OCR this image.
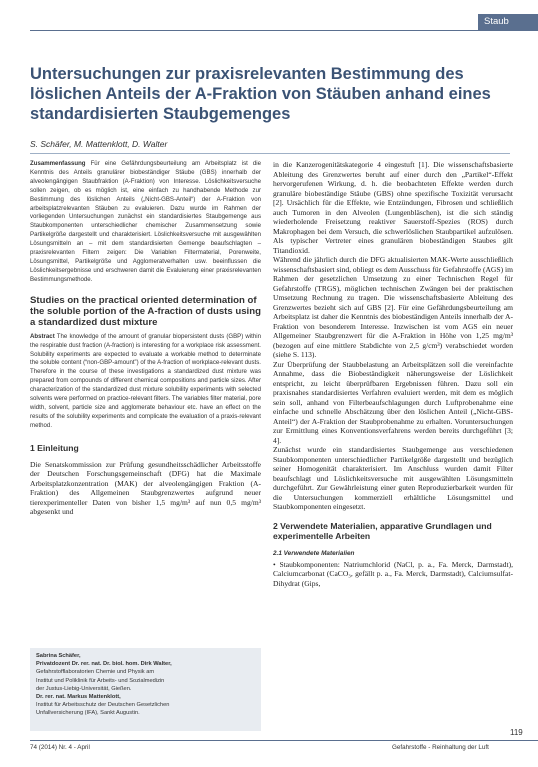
Staub
Untersuchungen zur praxisrelevanten Bestimmung des löslichen Anteils der A-Fraktion von Stäuben anhand eines standardisierten Staubgemenges
S. Schäfer, M. Mattenklott, D. Walter

Zusammenfassung Für eine Gefährdungsbeurteilung am Arbeitsplatz ist die Kenntnis des Anteils granulärer biobeständiger Stäube (GBS) innerhalb der alveolengängigen Staubfraktion (A-Fraktion) von Interesse. Löslichkeitsversuche sollen zeigen, ob es möglich ist, eine einfach zu handhabende Methode zur Bestimmung des löslichen Anteils („Nicht-GBS-Anteil“) der A-Fraktion von arbeitsplatzrelevanten Stäuben zu evaluieren. Dazu wurde im Rahmen der vorliegenden Untersuchungen zunächst ein standardisiertes Staubgemenge aus Staubkomponenten unterschiedlicher chemischer Zusammensetzung sowie Partikelgröße dargestellt und charakterisiert. Löslichkeitsversuche mit ausgewählten Lösungsmitteln an – mit dem standardisierten Gemenge beaufschlagten – praxisrelevanten Filtern zeigen: Die Variablen Filtermaterial, Porenweite, Lösungsmittel, Partikelgröße und Agglomeratverhalten usw. beeinflussen die Löslichkeitsergebnisse und erschweren damit die Evaluierung einer praxisrelevanten Bestimmungsmethode.

Studies on the practical oriented determination of the soluble portion of the A-fraction of dusts using a standardized dust mixture

Abstract The knowledge of the amount of granular biopersistent dusts (GBP) within the respirable dust fraction (A-fraction) is interesting for a workplace risk assessment. Solubility experiments are expected to evaluate a workable method to determinate the soluble content (“non-GBP-amount”) of the A-fraction of workplace-relevant dusts. Therefore in the course of these investigations a standardized dust mixture was prepared from compounds of different chemical compositions and particle sizes. After characterization of the standardized dust mixture solubility experiments with selected solvents were performed on practice-relevant filters. The variables filter material, pore width, solvent, particle size and agglomerate behaviour etc. have an effect on the results of the solubility experiments and complicate the evaluation of a praxis-relevant method.

1 Einleitung

Die Senatskommission zur Prüfung gesundheitsschädlicher Arbeitsstoffe der Deutschen Forschungsgemeinschaft (DFG) hat die Maximale Arbeitsplatzkonzentration (MAK) der alveolengängigen Fraktion (A-Fraktion) des Allgemeinen Staubgrenzwertes aufgrund neuer tierexperimenteller Daten von bisher 1,5 mg/m³ auf nun 0,5 mg/m³ abgesenkt und

Sabrina Schäfer,
Privatdozent Dr. rer. nat. Dr. biol. hom. Dirk Walter,
Gefahrstofflaboratorien Chemie und Physik am
Institut und Poliklinik für Arbeits- und Sozialmedizin
der Justus-Liebig-Universität, Gießen.
Dr. rer. nat. Markus Mattenklott,
Institut für Arbeitsschutz der Deutschen Gesetzlichen
Unfallversicherung (IFA), Sankt Augustin.

in die Kanzerogenitätskategorie 4 eingestuft [1]. Die wissenschaftsbasierte Ableitung des Grenzwertes beruht auf einer durch den „Partikel“-Effekt hervorgerufenen Wirkung, d. h. die beobachteten Effekte werden durch granuläre biobeständige Stäube (GBS) ohne spezifische Toxizität verursacht [2]. Ursächlich für die Effekte, wie Entzündungen, Fibrosen und schließlich auch Tumoren in den Alveolen (Lungenbläschen), ist die sich ständig wiederholende Freisetzung reaktiver Sauerstoff-Spezies (ROS) durch Makrophagen bei dem Versuch, die schwerlöslichen Staubpartikel aufzulösen. Als typischer Vertreter eines granulären biobeständigen Staubes gilt Titandioxid.

Während die jährlich durch die DFG aktualisierten MAK-Werte ausschließlich wissenschaftsbasiert sind, obliegt es dem Ausschuss für Gefahrstoffe (AGS) im Rahmen der gesetzlichen Umsetzung zu einer Technischen Regel für Gefahrstoffe (TRGS), möglichen technischen Zwängen bei der praktischen Umsetzung Rechnung zu tragen. Die wissenschaftsbasierte Ableitung des Grenzwertes bezieht sich auf GBS [2]. Für eine Gefährdungsbeurteilung am Arbeitsplatz ist daher die Kenntnis des biobeständigen Anteils innerhalb der A-Fraktion von besonderem Interesse. Inzwischen ist vom AGS ein neuer Allgemeiner Staubgrenzwert für die A-Fraktion in Höhe von 1,25 mg/m³ (bezogen auf eine mittlere Stabdichte von 2,5 g/cm³) verabschiedet worden (siehe S. 113).

Zur Überprüfung der Staubbelastung an Arbeitsplätzen soll die vereinfachte Annahme, dass die Biobeständigkeit näherungsweise der Löslichkeit entspricht, zu leicht überprüfbaren Ergebnissen führen. Dazu soll ein praxisnahes standardisiertes Verfahren evaluiert werden, mit dem es möglich sein soll, anhand von Filterbeaufschlagungen durch Luftprobenahme eine einfache und schnelle Abschätzung über den löslichen Anteil („Nicht-GBS-Anteil“) der A-Fraktion der Staubprobenahme zu erhalten. Voruntersuchungen zur Ermittlung eines Konventionsverfahrens werden bereits durchgeführt [3; 4].

Zunächst wurde ein standardisiertes Staubgemenge aus verschiedenen Staubkomponenten unterschiedlicher Partikelgröße dargestellt und bezüglich seiner Homogenität charakterisiert. Im Anschluss wurden damit Filter beaufschlagt und Löslichkeitsversuche mit ausgewählten Lösungsmitteln durchgeführt. Zur Gewährleistung einer guten Reproduzierbarkeit wurden für die Untersuchungen kommerziell erhältliche Lösungsmittel und Staubkomponenten eingesetzt.

2 Verwendete Materialien, apparative Grundlagen und experimentelle Arbeiten
2.1 Verwendete Materialien

• Staubkomponenten: Natriumchlorid (NaCl, p. a., Fa. Merck, Darmstadt), Calciumcarbonat (CaCO₃, gefällt p. a., Fa. Merck, Darmstadt), Calciumsulfat-Dihydrat (Gips,

119
74 (2014) Nr. 4 - April	Gefahrstoffe - Reinhaltung der Luft
